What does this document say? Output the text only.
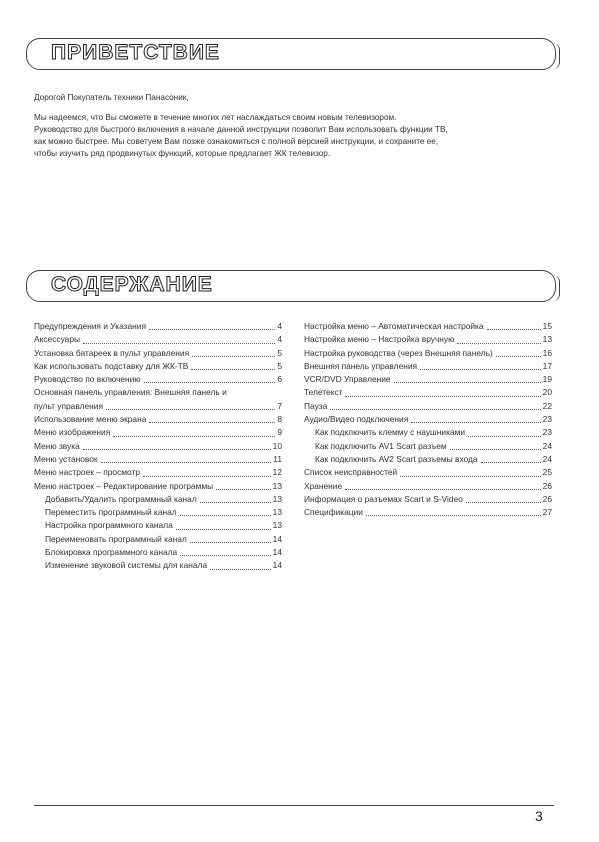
ПРИВЕТСТВИЕ
Дорогой Покупатель техники Панасоник,
Мы надеемся, что Вы сможете в течение многих лет наслаждаться своим новым телевизором.
Руководство для быстрого включения в начале данной инструкции позволит Вам использовать функции ТВ,
как можно быстрее. Мы советуем Вам позже ознакомиться с полной версией инструкции, и сохраните ее,
чтобы изучить ряд продвинутых функций, которые предлагает ЖК телевизор.
СОДЕРЖАНИЕ
Предупреждения и Указания	4
Аксессуары	4
Установка батарeек в пульт управления	5
Как использовать подставку для ЖК-ТВ	5
Руководство по включению	6
Основная панель управления: Внешняя панель и
пульт управления	7
Использование меню экрана	8
Меню изображения	9
Меню звука	10
Меню установок	11
Меню настроек – просмотр	12
Меню настроек – Редактирование программы	13
Добавить/Удалить программный канал	13
Переместить программный канал	13
Настройка программного канала	13
Переименовать программный канал	14
Блокировка программного канала	14
Изменение звуковой системы для канала	14
Настройка меню – Автоматическая настройка	15
Настройка меню – Настройка вручную	13
Настройка руководства (через Внешняя панель)	16
Внешняя панель управления	17
VCR/DVD Управление	19
Телетекст	20
Пауза	22
Аудио/Видео подключения	23
Как подключить клемму с наушниками	23
Как подключить AV1 Scart разъем	24
Как подключить AV2 Scart разъемы входа	24
Список неисправностей	25
Хранение	26
Информация о разъемах Scart и S-Video	26
Спецификации	27
3
